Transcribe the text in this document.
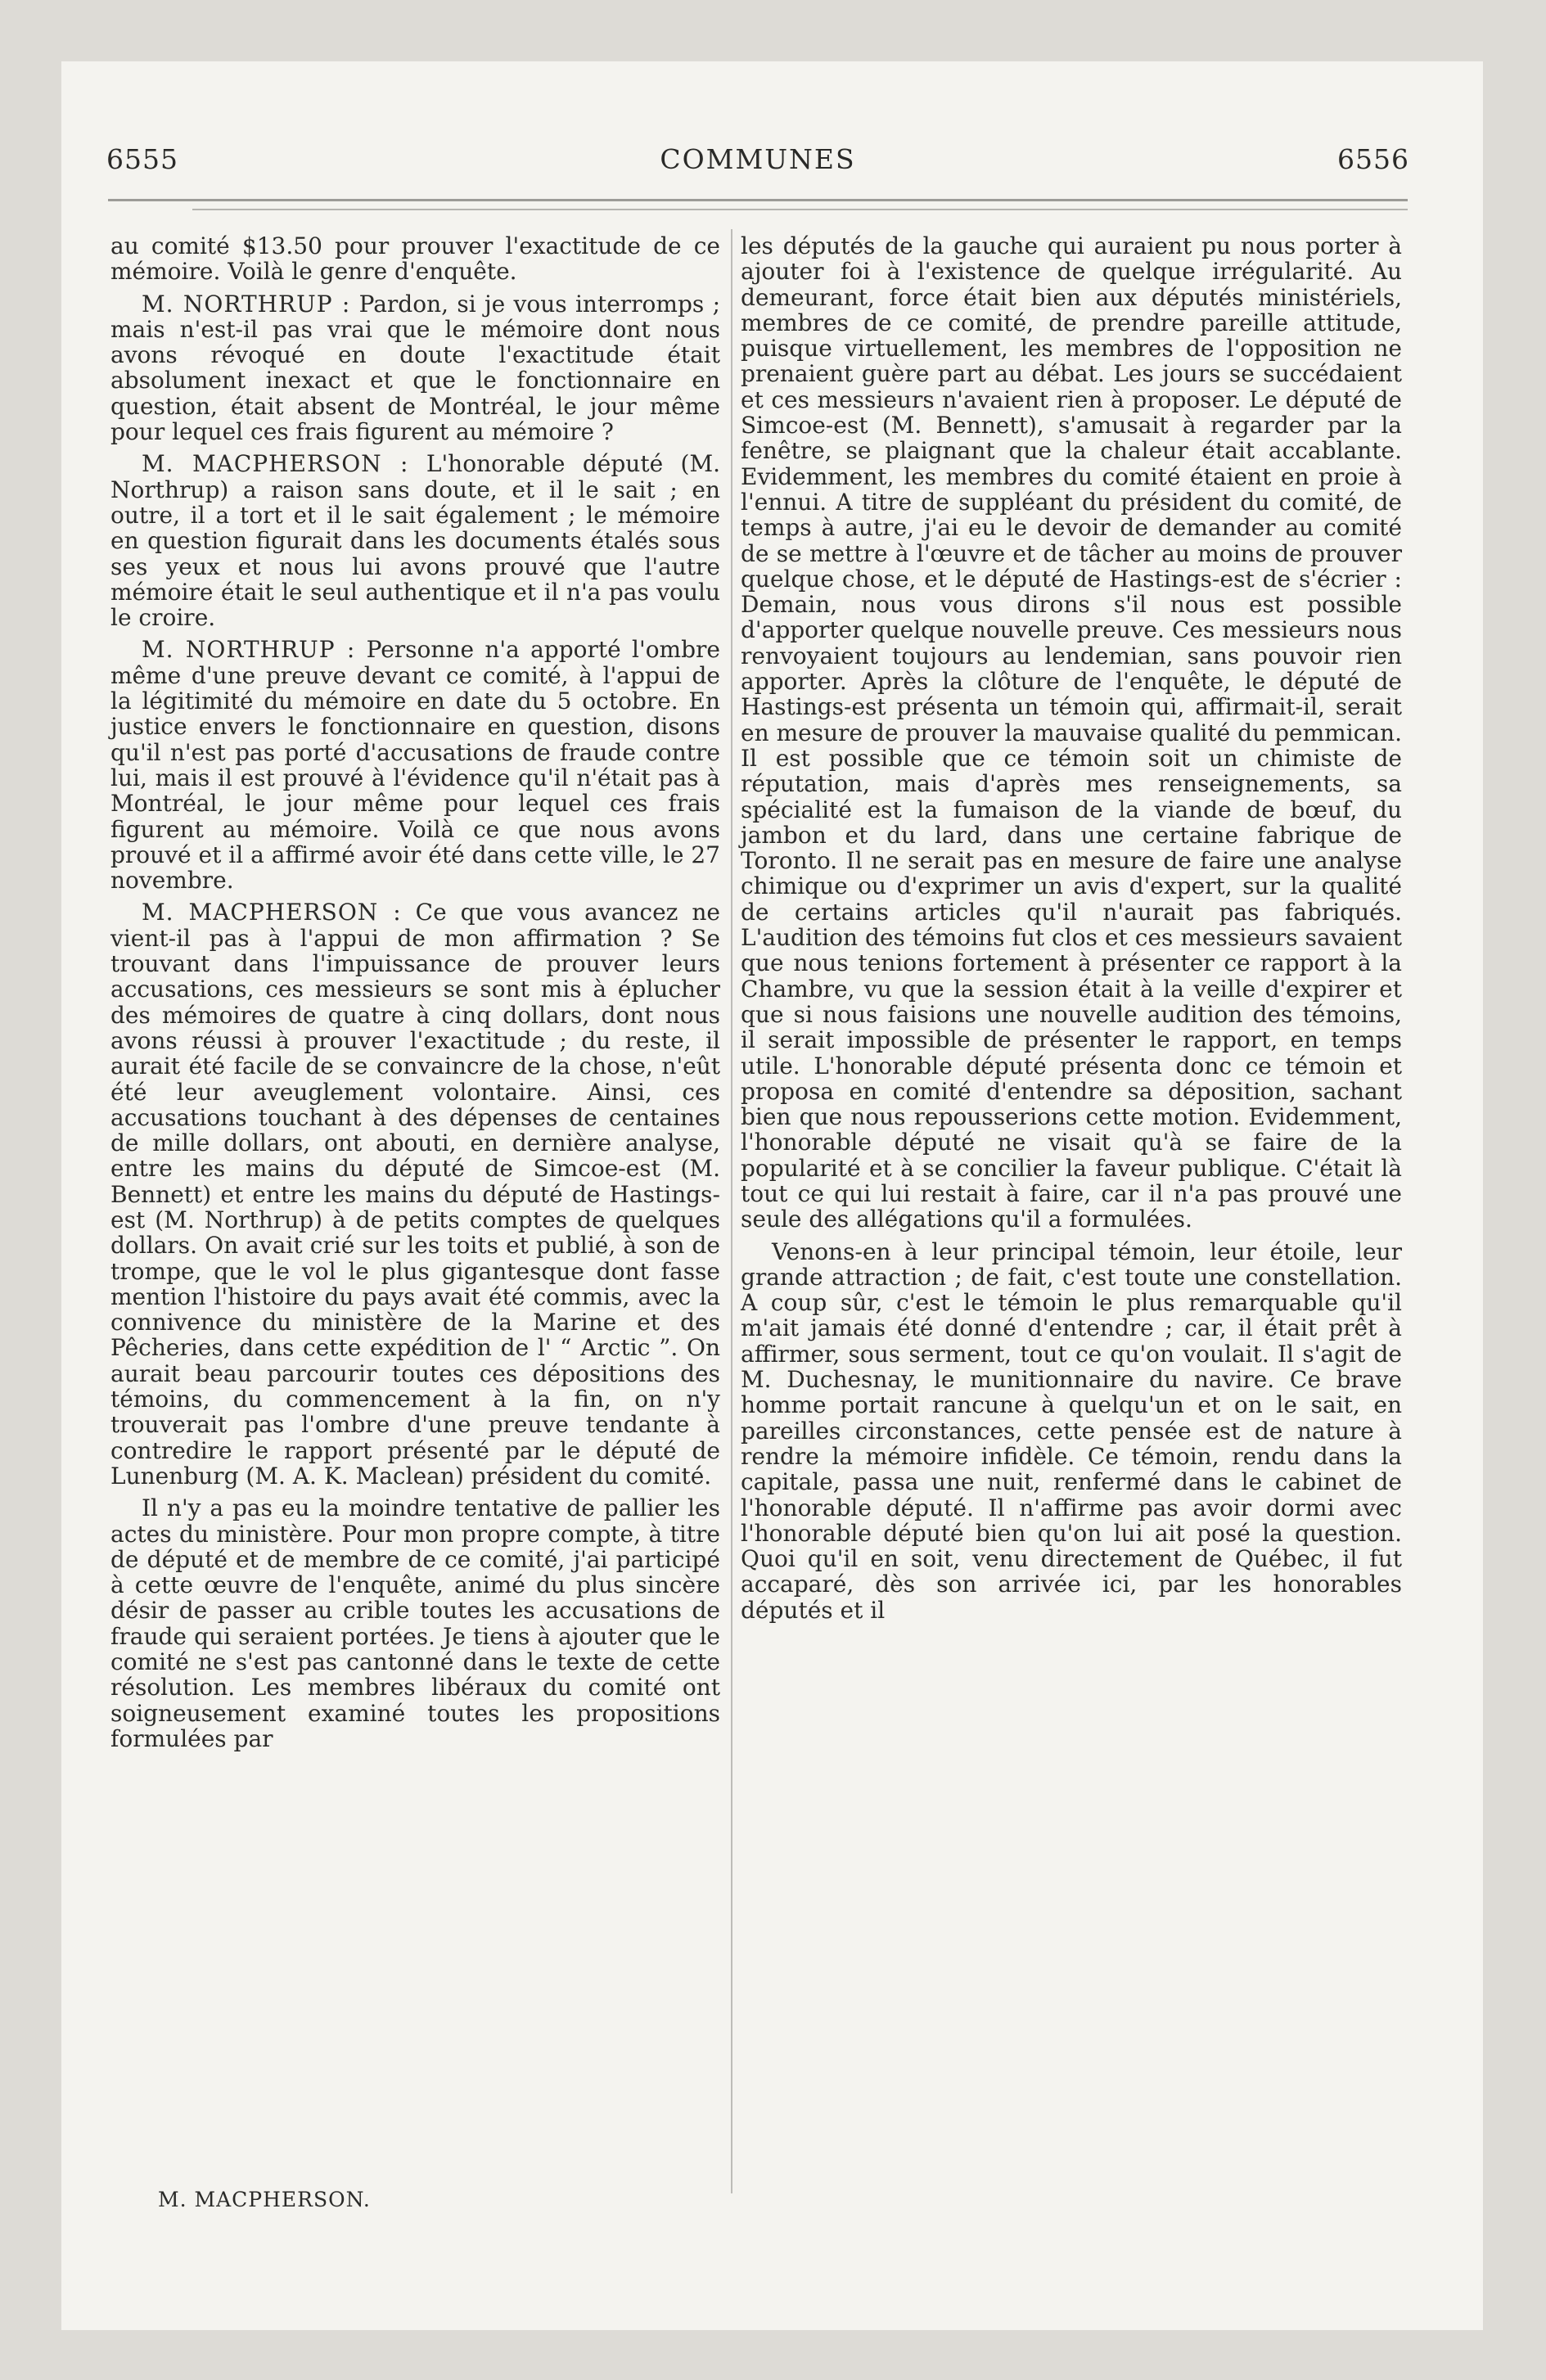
6555	COMMUNES	6556

au comité $13.50 pour prouver l'exactitude de ce mémoire. Voilà le genre d'enquête.

M. NORTHRUP : Pardon, si je vous interromps ; mais n'est-il pas vrai que le mémoire dont nous avons révoqué en doute l'exactitude était absolument inexact et que le fonctionnaire en question, était absent de Montréal, le jour même pour lequel ces frais figurent au mémoire ?

M. MACPHERSON : L'honorable député (M. Northrup) a raison sans doute, et il le sait ; en outre, il a tort et il le sait également ; le mémoire en question figurait dans les documents étalés sous ses yeux et nous lui avons prouvé que l'autre mémoire était le seul authentique et il n'a pas voulu le croire.

M. NORTHRUP : Personne n'a apporté l'ombre même d'une preuve devant ce comité, à l'appui de la légitimité du mémoire en date du 5 octobre. En justice envers le fonctionnaire en question, disons qu'il n'est pas porté d'accusations de fraude contre lui, mais il est prouvé à l'évidence qu'il n'était pas à Montréal, le jour même pour lequel ces frais figurent au mémoire. Voilà ce que nous avons prouvé et il a affirmé avoir été dans cette ville, le 27 novembre.

M. MACPHERSON : Ce que vous avancez ne vient-il pas à l'appui de mon affirmation ? Se trouvant dans l'impuissance de prouver leurs accusations, ces messieurs se sont mis à éplucher des mémoires de quatre à cinq dollars, dont nous avons réussi à prouver l'exactitude ; du reste, il aurait été facile de se convaincre de la chose, n'eût été leur aveuglement volontaire. Ainsi, ces accusations touchant à des dépenses de centaines de mille dollars, ont abouti, en dernière analyse, entre les mains du député de Simcoe-est (M. Bennett) et entre les mains du député de Hastings-est (M. Northrup) à de petits comptes de quelques dollars. On avait crié sur les toits et publié, à son de trompe, que le vol le plus gigantesque dont fasse mention l'histoire du pays avait été commis, avec la connivence du ministère de la Marine et des Pêcheries, dans cette expédition de l' “ Arctic ”. On aurait beau parcourir toutes ces dépositions des témoins, du commencement à la fin, on n'y trouverait pas l'ombre d'une preuve tendante à contredire le rapport présenté par le député de Lunenburg (M. A. K. Maclean) président du comité.

Il n'y a pas eu la moindre tentative de pallier les actes du ministère. Pour mon propre compte, à titre de député et de membre de ce comité, j'ai participé à cette œuvre de l'enquête, animé du plus sincère désir de passer au crible toutes les accusations de fraude qui seraient portées. Je tiens à ajouter que le comité ne s'est pas cantonné dans le texte de cette résolution. Les membres libéraux du comité ont soigneusement examiné toutes les propositions formulées par

les députés de la gauche qui auraient pu nous porter à ajouter foi à l'existence de quelque irrégularité. Au demeurant, force était bien aux députés ministériels, membres de ce comité, de prendre pareille attitude, puisque virtuellement, les membres de l'opposition ne prenaient guère part au débat. Les jours se succédaient et ces messieurs n'avaient rien à proposer. Le député de Simcoe-est (M. Bennett), s'amusait à regarder par la fenêtre, se plaignant que la chaleur était accablante. Evidemment, les membres du comité étaient en proie à l'ennui. A titre de suppléant du président du comité, de temps à autre, j'ai eu le devoir de demander au comité de se mettre à l'œuvre et de tâcher au moins de prouver quelque chose, et le député de Hastings-est de s'écrier : Demain, nous vous dirons s'il nous est possible d'apporter quelque nouvelle preuve. Ces messieurs nous renvoyaient toujours au lendemian, sans pouvoir rien apporter. Après la clôture de l'enquête, le député de Hastings-est présenta un témoin qui, affirmait-il, serait en mesure de prouver la mauvaise qualité du pemmican. Il est possible que ce témoin soit un chimiste de réputation, mais d'après mes renseignements, sa spécialité est la fumaison de la viande de bœuf, du jambon et du lard, dans une certaine fabrique de Toronto. Il ne serait pas en mesure de faire une analyse chimique ou d'exprimer un avis d'expert, sur la qualité de certains articles qu'il n'aurait pas fabriqués. L'audition des témoins fut clos et ces messieurs savaient que nous tenions fortement à présenter ce rapport à la Chambre, vu que la session était à la veille d'expirer et que si nous faisions une nouvelle audition des témoins, il serait impossible de présenter le rapport, en temps utile. L'honorable député présenta donc ce témoin et proposa en comité d'entendre sa déposition, sachant bien que nous repousserions cette motion. Evidemment, l'honorable député ne visait qu'à se faire de la popularité et à se concilier la faveur publique. C'était là tout ce qui lui restait à faire, car il n'a pas prouvé une seule des allégations qu'il a formulées.

Venons-en à leur principal témoin, leur étoile, leur grande attraction ; de fait, c'est toute une constellation. A coup sûr, c'est le témoin le plus remarquable qu'il m'ait jamais été donné d'entendre ; car, il était prêt à affirmer, sous serment, tout ce qu'on voulait. Il s'agit de M. Duchesnay, le munitionnaire du navire. Ce brave homme portait rancune à quelqu'un et on le sait, en pareilles circonstances, cette pensée est de nature à rendre la mémoire infidèle. Ce témoin, rendu dans la capitale, passa une nuit, renfermé dans le cabinet de l'honorable député. Il n'affirme pas avoir dormi avec l'honorable député bien qu'on lui ait posé la question. Quoi qu'il en soit, venu directement de Québec, il fut accaparé, dès son arrivée ici, par les honorables députés et il

M. MACPHERSON.
